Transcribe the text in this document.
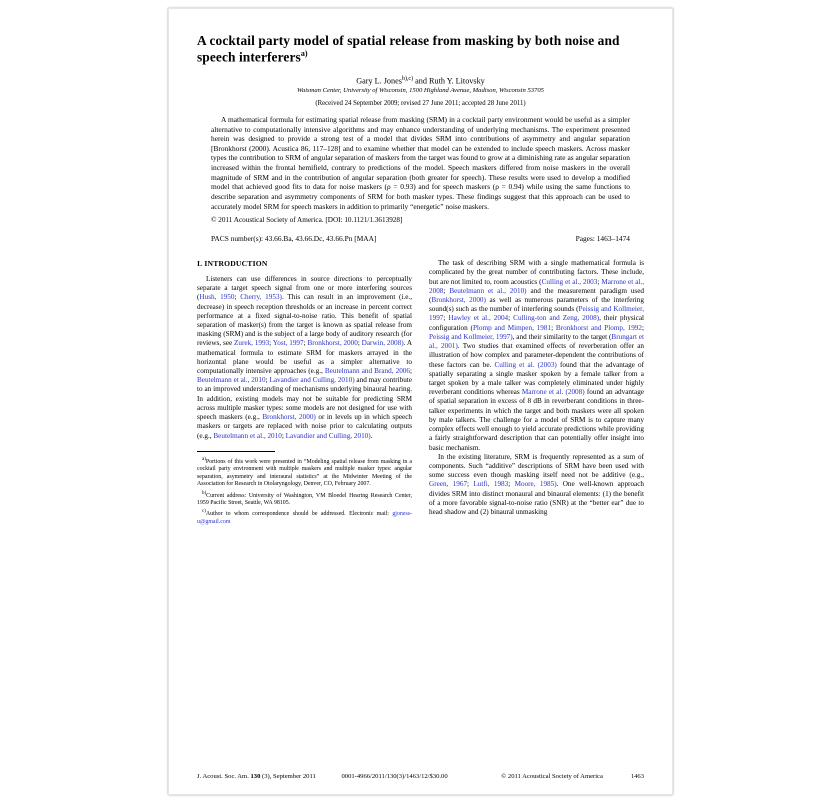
A cocktail party model of spatial release from masking by both noise and speech interferers$^{a)}$
Gary L. Jones$^{b),c)}$ and Ruth Y. Litovsky
Waisman Center, University of Wisconsin, 1500 Highland Avenue, Madison, Wisconsin 53705
(Received 24 September 2009; revised 27 June 2011; accepted 28 June 2011)
A mathematical formula for estimating spatial release from masking (SRM) in a cocktail party environment would be useful as a simpler alternative to computationally intensive algorithms and may enhance understanding of underlying mechanisms. The experiment presented herein was designed to provide a strong test of a model that divides SRM into contributions of asymmetry and angular separation [Bronkhorst (2000). Acustica 86, 117–128] and to examine whether that model can be extended to include speech maskers. Across masker types the contribution to SRM of angular separation of maskers from the target was found to grow at a diminishing rate as angular separation increased within the frontal hemifield, contrary to predictions of the model. Speech maskers differed from noise maskers in the overall magnitude of SRM and in the contribution of angular separation (both greater for speech). These results were used to develop a modified model that achieved good fits to data for noise maskers (ρ = 0.93) and for speech maskers (ρ = 0.94) while using the same functions to describe separation and asymmetry components of SRM for both masker types. These findings suggest that this approach can be used to accurately model SRM for speech maskers in addition to primarily “energetic” noise maskers.
© 2011 Acoustical Society of America. [DOI: 10.1121/1.3613928]
PACS number(s): 43.66.Ba, 43.66.Dc, 43.66.Pn [MAA]	Pages: 1463–1474
I. INTRODUCTION

Listeners can use differences in source directions to perceptually separate a target speech signal from one or more interfering sources (Hush, 1950; Cherry, 1953). This can result in an improvement (i.e., decrease) in speech reception thresholds or an increase in percent correct performance at a fixed signal-to-noise ratio. This benefit of spatial separation of masker(s) from the target is known as spatial release from masking (SRM) and is the subject of a large body of auditory research (for reviews, see Zurek, 1993; Yost, 1997; Bronkhorst, 2000; Darwin, 2008). A mathematical formula to estimate SRM for maskers arrayed in the horizontal plane would be useful as a simpler alternative to computationally intensive approaches (e.g., Beutelmann and Brand, 2006; Beutelmann et al., 2010; Lavandier and Culling, 2010) and may contribute to an improved understanding of mechanisms underlying binaural hearing. In addition, existing models may not be suitable for predicting SRM across multiple masker types: some models are not designed for use with speech maskers (e.g., Bronkhorst, 2000) or in levels up in which speech maskers or targets are replaced with noise prior to calculating outputs (e.g., Beutelmann et al., 2010; Lavandier and Culling, 2010).

$^{a)}$Portions of this work were presented in “Modeling spatial release from masking in a cocktail party environment with multiple maskers and multiple masker types: angular separation, asymmetry and interaural statistics” at the Midwinter Meeting of the Association for Research in Otolaryngology, Denver, CO, February 2007.

$^{b)}$Current address: University of Washington, VM Bloedel Hearing Research Center, 1959 Pacific Street, Seattle, WA 98105.

$^{c)}$Author to whom correspondence should be addressed. Electronic mail: gjoness-u@gmail.com

The task of describing SRM with a single mathematical formula is complicated by the great number of contributing factors. These include, but are not limited to, room acoustics (Culling et al., 2003; Marrone et al., 2008; Beutelmann et al., 2010) and the measurement paradigm used (Bronkhorst, 2000) as well as numerous parameters of the interfering sound(s) such as the number of interfering sounds (Peissig and Kollmeier, 1997; Hawley et al., 2004; Culling-ton and Zeng, 2008), their physical configuration (Plomp and Mimpen, 1981; Bronkhorst and Plomp, 1992; Peissig and Kollmeier, 1997), and their similarity to the target (Brungart et al., 2001). Two studies that examined effects of reverberation offer an illustration of how complex and parameter-dependent the contributions of these factors can be. Culling et al. (2003) found that the advantage of spatially separating a single masker spoken by a female talker from a target spoken by a male talker was completely eliminated under highly reverberant conditions whereas Marrone et al. (2008) found an advantage of spatial separation in excess of 8 dB in reverberant conditions in three-talker experiments in which the target and both maskers were all spoken by male talkers. The challenge for a model of SRM is to capture many complex effects well enough to yield accurate predictions while providing a fairly straightforward description that can potentially offer insight into basic mechanism.

In the existing literature, SRM is frequently represented as a sum of components. Such “additive” descriptions of SRM have been used with some success even though masking itself need not be additive (e.g., Green, 1967; Lutfi, 1983; Moore, 1985). One well-known approach divides SRM into distinct monaural and binaural elements: (1) the benefit of a more favorable signal-to-noise ratio (SNR) at the “better ear” due to head shadow and (2) binaural unmasking

J. Acoust. Soc. Am. 130 (3), September 2011	0001-4966/2011/130(3)/1463/12/$30.00	© 2011 Acoustical Society of America	1463
